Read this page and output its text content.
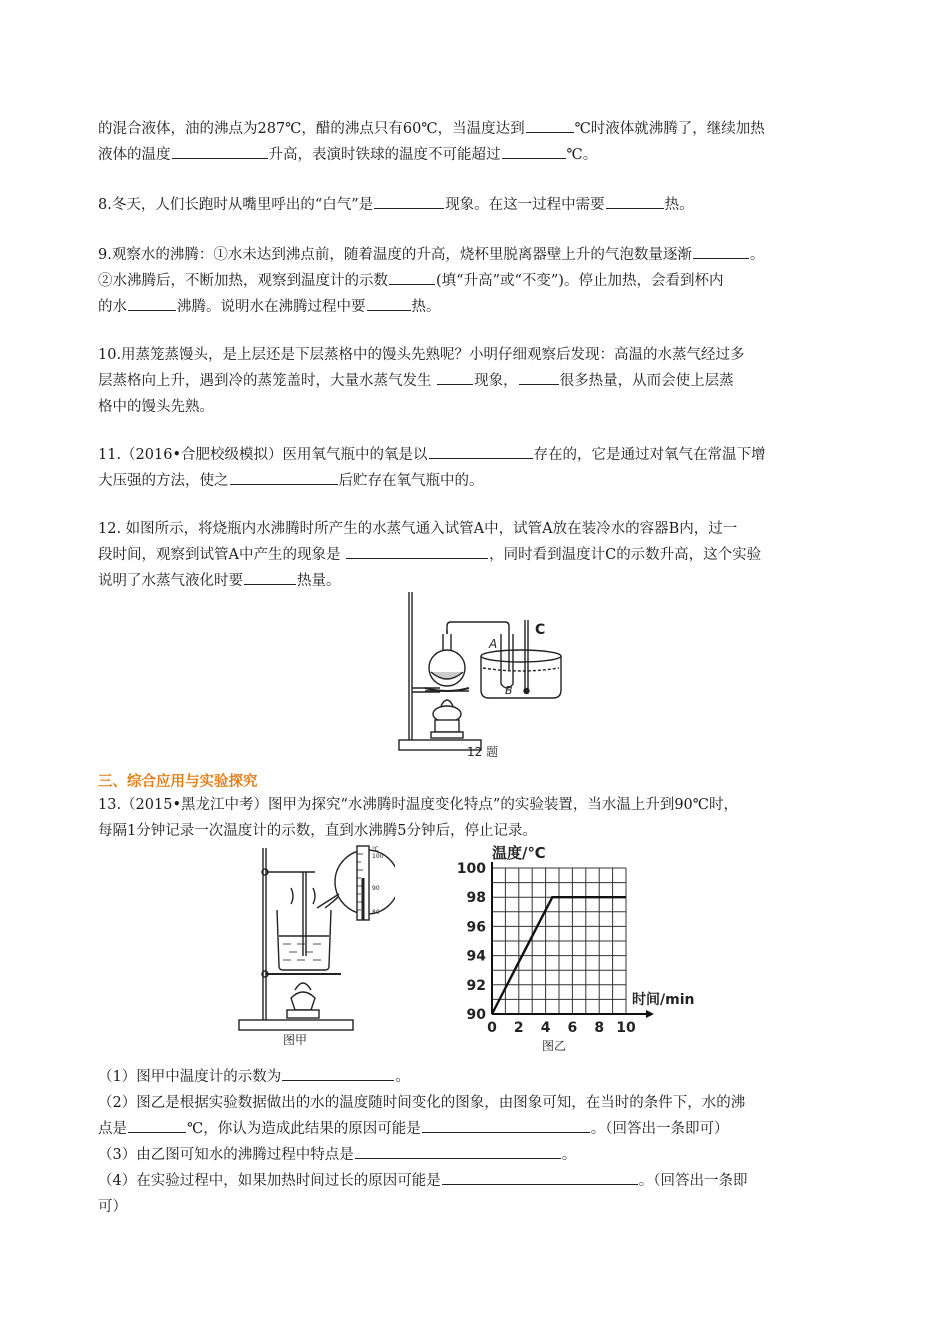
的混合液体，油的沸点为287℃，醋的沸点只有60℃，当温度达到	℃时液体就沸腾了，继续加热

液体的温度	升高，表演时铁球的温度不可能超过	℃。

8.冬天，人们长跑时从嘴里呼出的“白气”是	现象。在这一过程中需要	热。

9.观察水的沸腾：①水未达到沸点前，随着温度的升高，烧杯里脱离器壁上升的气泡数量逐渐	。

②水沸腾后，不断加热，观察到温度计的示数	(填“升高”或“不变”)。停止加热，会看到杯内

的水	沸腾。说明水在沸腾过程中要	热。

10.用蒸笼蒸馒头，是上层还是下层蒸格中的馒头先熟呢？小明仔细观察后发现：高温的水蒸气经过多

层蒸格向上升，遇到冷的蒸笼盖时，大量水蒸气发生	现象，	很多热量，从而会使上层蒸

格中的馒头先熟。

11.（2016•合肥校级模拟）医用氧气瓶中的氧是以	存在的，它是通过对氧气在常温下增

大压强的方法，使之	后贮存在氧气瓶中的。

12. 如图所示，将烧瓶内水沸腾时所产生的水蒸气通入试管A中，试管A放在装冷水的容器B内，过一

段时间，观察到试管A中产生的现象是	，同时看到温度计C的示数升高，这个实验

说明了水蒸气液化时要	热量。

A
B
C
12 题
三、综合应用与实验探究

13.（2015•黑龙江中考）图甲为探究“水沸腾时温度变化特点”的实验装置，当水温上升到90℃时，

每隔1分钟记录一次温度计的示数，直到水沸腾5分钟后，停止记录。

℃
100
90
80
图甲
90
92
94
96
98
100
0 2 4 6 8 10
温度/℃
时间/min
图乙

（1）图甲中温度计的示数为	。

（2）图乙是根据实验数据做出的水的温度随时间变化的图象，由图象可知，在当时的条件下，水的沸

点是	℃，你认为造成此结果的原因可能是	。（回答出一条即可）

（3）由乙图可知水的沸腾过程中特点是	。

（4）在实验过程中，如果加热时间过长的原因可能是	。（回答出一条即

可）
